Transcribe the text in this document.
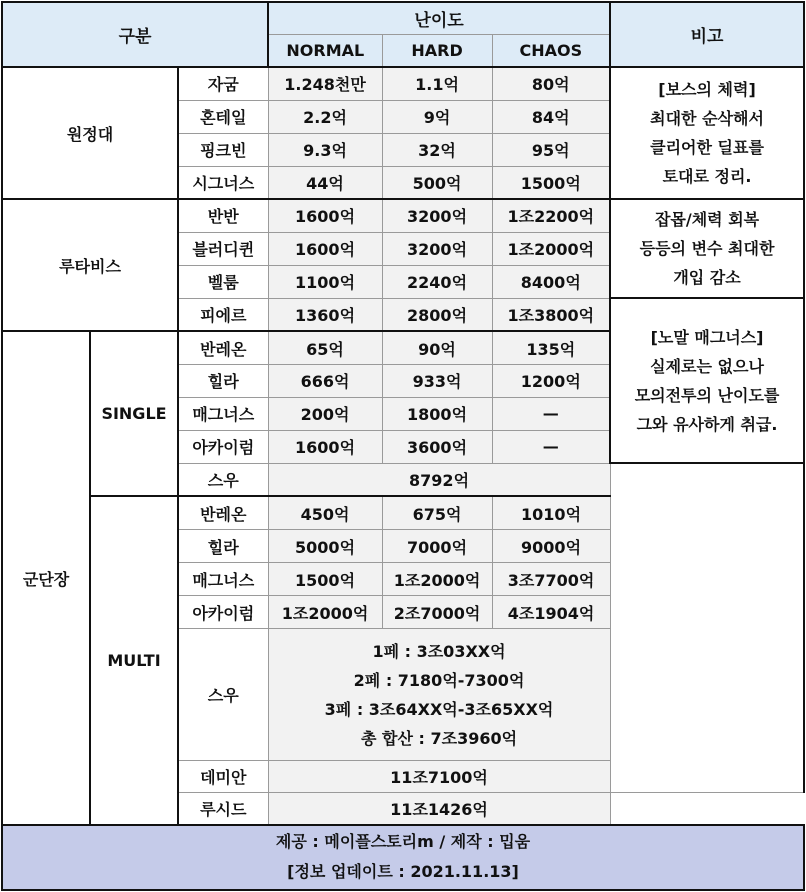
구분			난이도			비고
			NORMAL	HARD	CHAOS	
원정대		자굼	1.248천만	1.1억	80억	[보스의 체력]
최대한 순삭해서
클리어한 딜표를
토대로 정리.

		혼테일	2.2억	9억	84억	
		핑크빈	9.3억	32억	95억	
		시그너스	44억	500억	1500억	
루타비스		반반	1600억	3200억	1조2200억	잡몹/체력 회복
등등의 변수 최대한
개입 감소

		블러디퀸	1600억	3200억	1조2000억	
		벨룸	1100억	2240억	8400억	
		피에르	1360억	2800억	1조3800억	[노말 매그너스]
실제로는 없으나
모의전투의 난이도를
그와 유사하게 취급.

군단장	SINGLE	반레온	65억	90억	135억	
		힐라	666억	933억	1200억	
		매그너스	200억	1800억	—	
		아카이럼	1600억	3600억	—	
		스우	8792억			
	MULTI	반레온	450억	675억	1010억	
		힐라	5000억	7000억	9000억	
		매그너스	1500억	1조2000억	3조7700억	
		아카이럼	1조2000억	2조7000억	4조1904억	
		스우	1페 : 3조03XX억
2페 : 7180억-7300억
3페 : 3조64XX억-3조65XX억
총 합산 : 7조3960억			

		데미안	11조7100억			
		루시드	11조1426억			

제공 : 메이플스토리m / 제작 : 밉움
[정보 업데이트 : 2021.11.13]						
